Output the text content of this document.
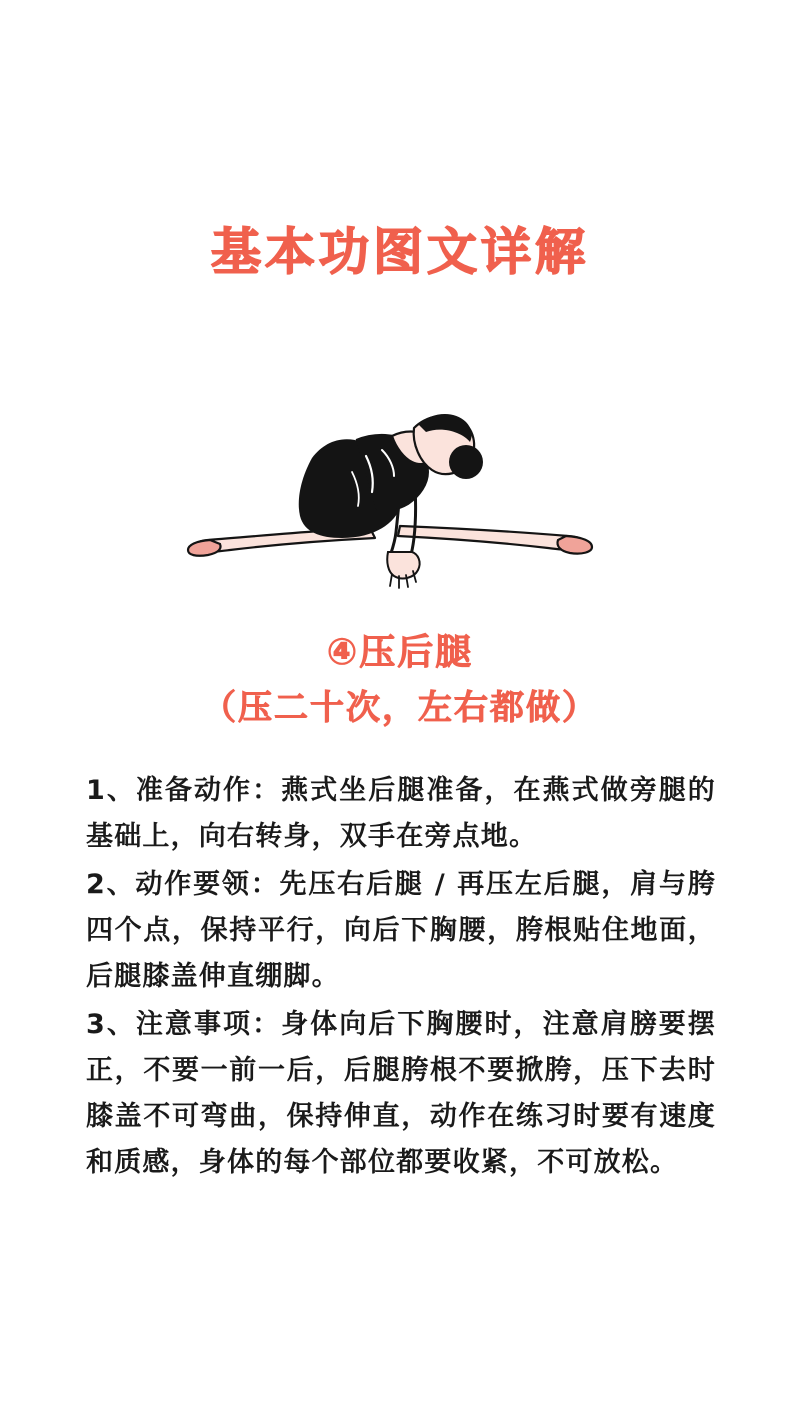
基本功图文详解
④压后腿
（压二十次，左右都做）

1、准备动作：燕式坐后腿准备，在燕式做旁腿的基础上，向右转身，双手在旁点地。

2、动作要领：先压右后腿 / 再压左后腿，肩与胯四个点，保持平行，向后下胸腰，胯根贴住地面，后腿膝盖伸直绷脚。

3、注意事项：身体向后下胸腰时，注意肩膀要摆正，不要一前一后，后腿胯根不要掀胯，压下去时膝盖不可弯曲，保持伸直，动作在练习时要有速度和质感，身体的每个部位都要收紧，不可放松。
